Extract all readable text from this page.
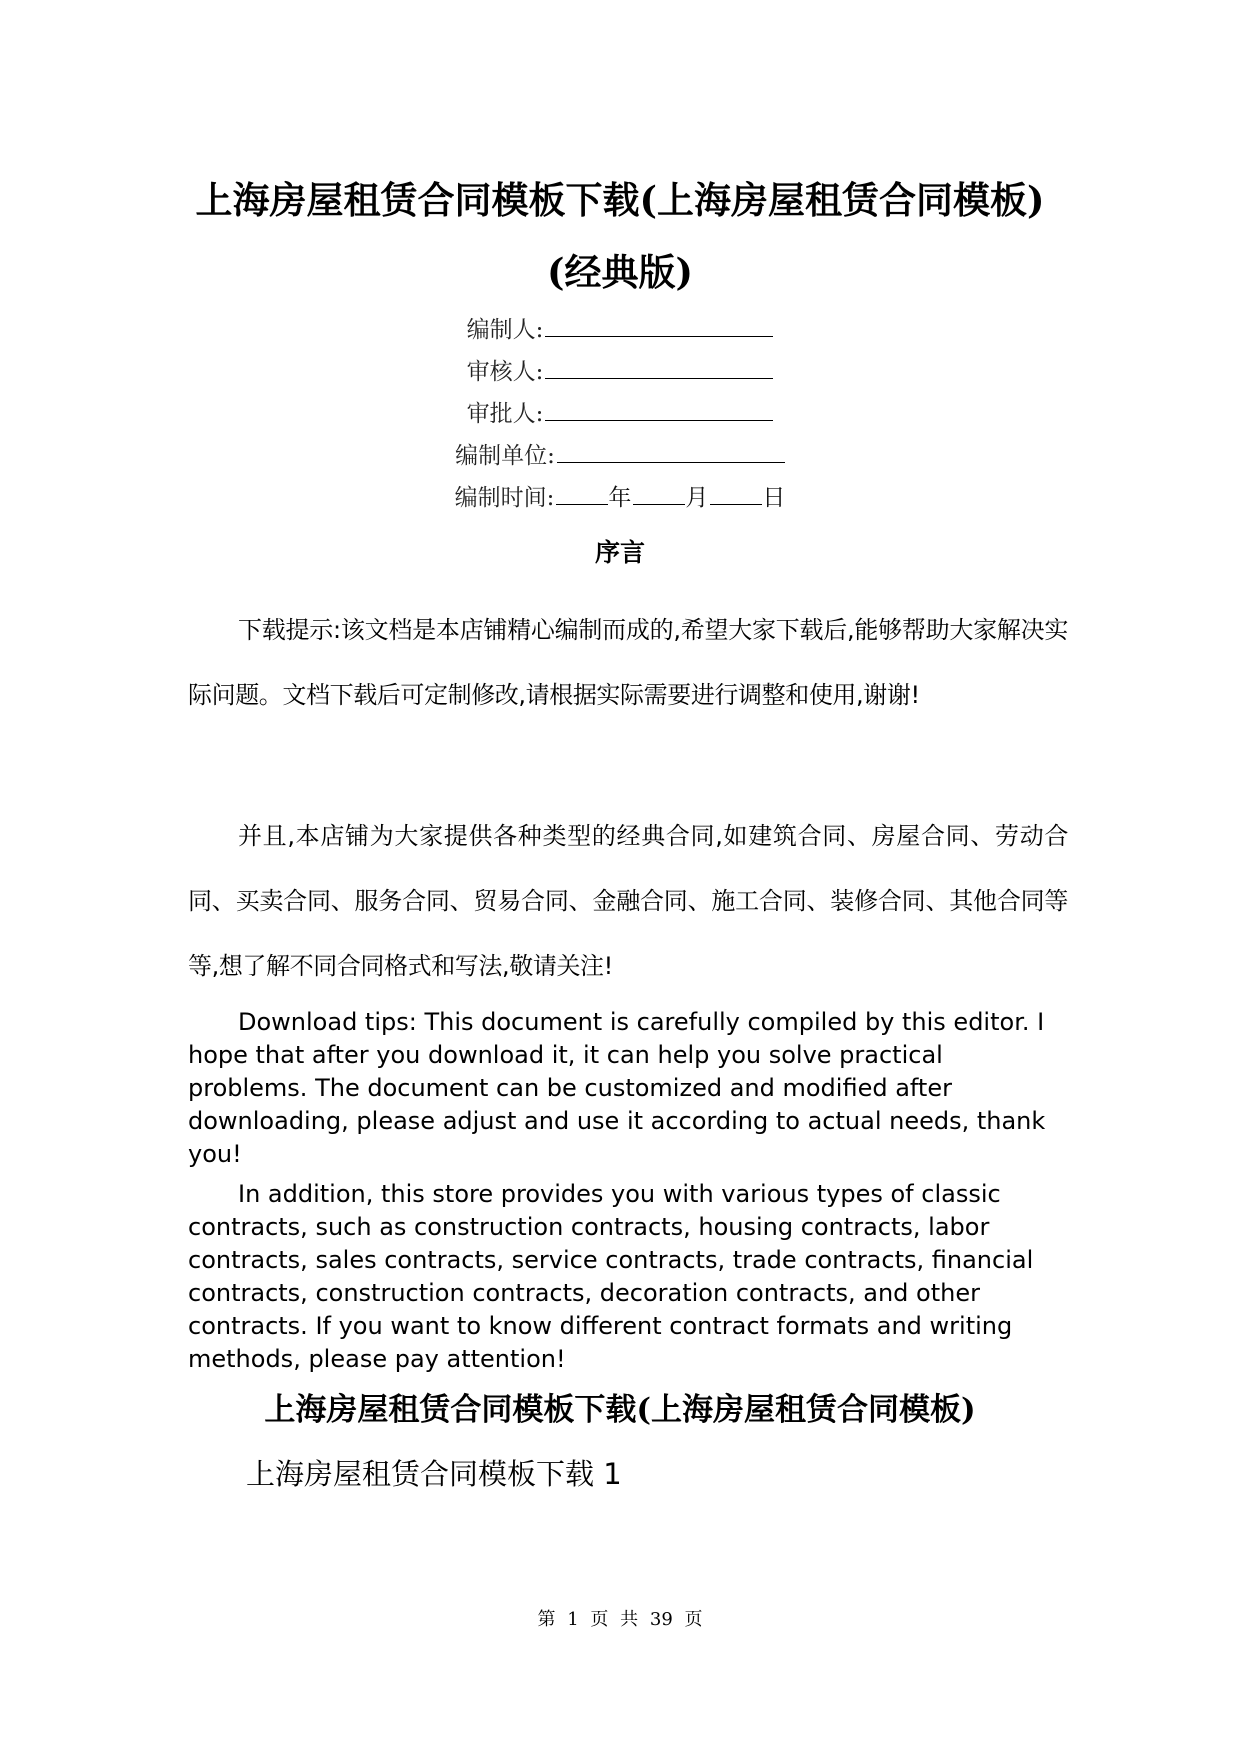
上海房屋租赁合同模板下载(上海房屋租赁合同模板)
(经典版)
编制人:
审核人:
审批人:
编制单位:
编制时间: 年 月 日
序言
下载提示:该文档是本店铺精心编制而成的,希望大家下载后,能够帮助大家解决实际问题。文档下载后可定制修改,请根据实际需要进行调整和使用,谢谢!
并且,本店铺为大家提供各种类型的经典合同,如建筑合同、房屋合同、劳动合同、买卖合同、服务合同、贸易合同、金融合同、施工合同、装修合同、其他合同等等,想了解不同合同格式和写法,敬请关注!
Download tips: This document is carefully compiled by this editor. I hope that after you download it, it can help you solve practical problems. The document can be customized and modified after downloading, please adjust and use it according to actual needs, thank you!
In addition, this store provides you with various types of classic contracts, such as construction contracts, housing contracts, labor contracts, sales contracts, service contracts, trade contracts, financial contracts, construction contracts, decoration contracts, and other contracts. If you want to know different contract formats and writing methods, please pay attention!
上海房屋租赁合同模板下载(上海房屋租赁合同模板)
上海房屋租赁合同模板下载 1
第 1 页 共 39 页
